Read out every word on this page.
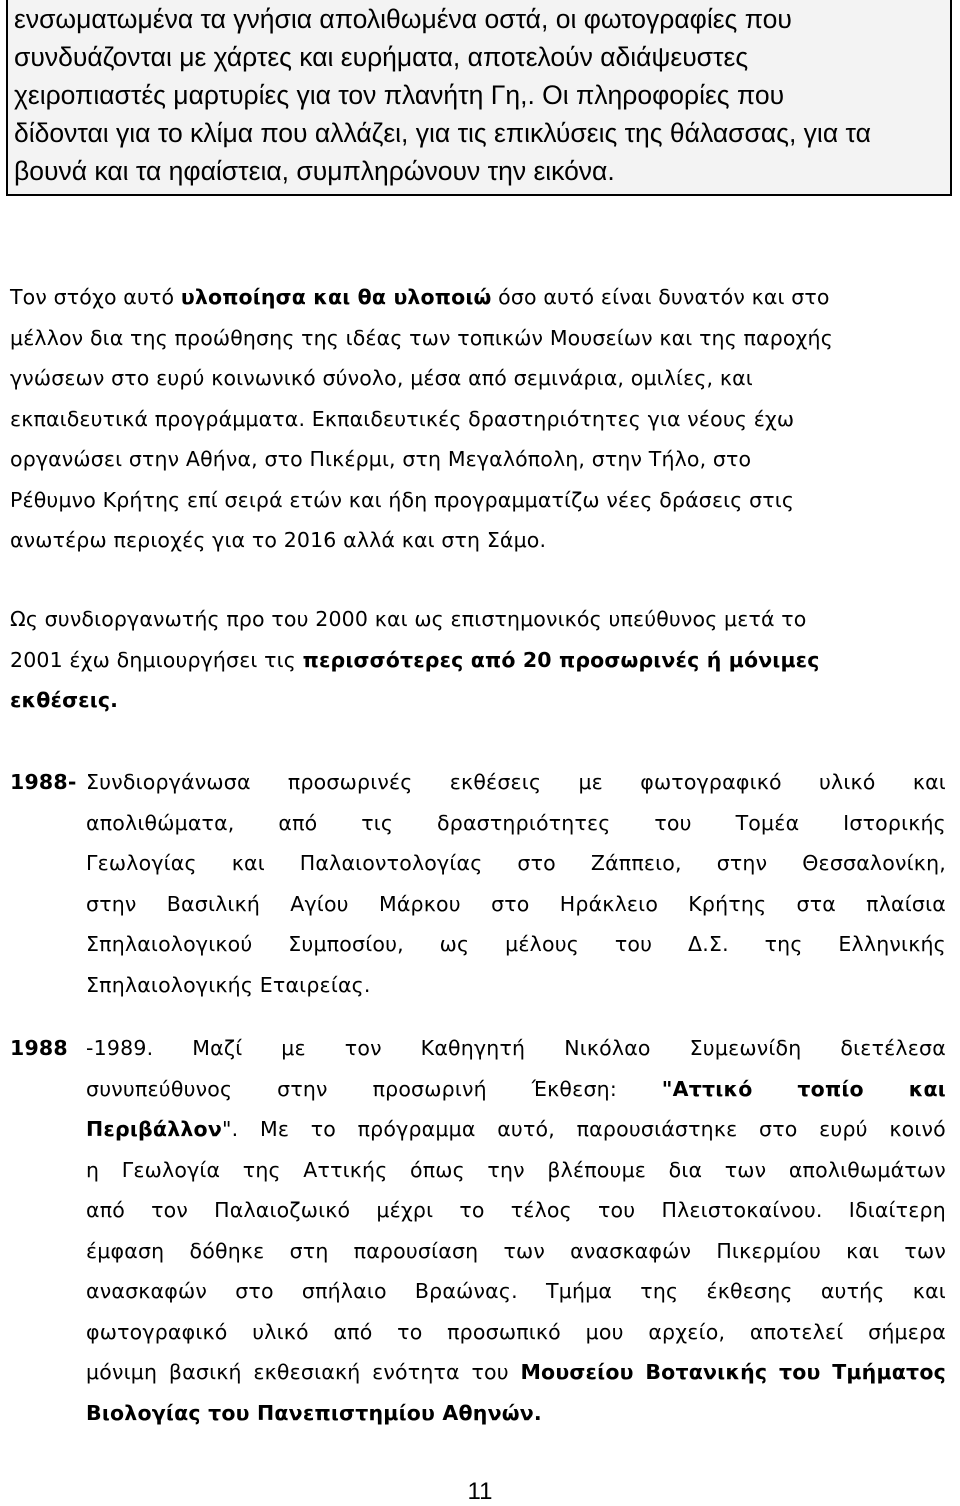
ενσωματωμένα τα γνήσια απολιθωμένα οστά, οι φωτογραφίες που
συνδυάζονται με χάρτες και ευρήματα, αποτελούν αδιάψευστες
χειροπιαστές μαρτυρίες για τον πλανήτη Γη,. Οι πληροφορίες που
δίδονται για το κλίμα που αλλάζει, για τις επικλύσεις της θάλασσας, για τα
βουνά και τα ηφαίστεια, συμπληρώνουν την εικόνα.
Τον στόχο αυτό υλοποίησα και θα υλοποιώ όσο αυτό είναι δυνατόν και στο
μέλλον δια της προώθησης της ιδέας των τοπικών Μουσείων και της παροχής
γνώσεων στο ευρύ κοινωνικό σύνολο, μέσα από σεμινάρια, ομιλίες, και
εκπαιδευτικά προγράμματα. Εκπαιδευτικές δραστηριότητες για νέους έχω
οργανώσει στην Αθήνα, στο Πικέρμι, στη Μεγαλόπολη, στην Τήλο, στο
Ρέθυμνο Κρήτης επί σειρά ετών και ήδη προγραμματίζω νέες δράσεις στις
ανωτέρω περιοχές για το 2016 αλλά και στη Σάμο.
Ως συνδιοργανωτής προ του 2000 και ως επιστημονικός υπεύθυνος μετά το
2001 έχω δημιουργήσει τις περισσότερες από 20 προσωρινές ή μόνιμες
εκθέσεις.
1988- Συνδιοργάνωσα προσωρινές εκθέσεις με φωτογραφικό υλικό και
απολιθώματα, από τις δραστηριότητες του Τομέα Ιστορικής
Γεωλογίας και Παλαιοντολογίας στο Ζάππειο, στην Θεσσαλονίκη,
στην Βασιλική Αγίου Μάρκου στο Ηράκλειο Κρήτης στα πλαίσια
Σπηλαιολογικού Συμποσίου, ως μέλους του Δ.Σ. της Ελληνικής
Σπηλαιολογικής Εταιρείας.
1988 -1989. Μαζί με τον Καθηγητή Νικόλαο Συμεωνίδη διετέλεσα
συνυπεύθυνος στην προσωρινή Έκθεση: "Αττικό τοπίο και
Περιβάλλον". Με το πρόγραμμα αυτό, παρουσιάστηκε στο ευρύ κοινό
η Γεωλογία της Αττικής όπως την βλέπουμε δια των απολιθωμάτων
από τον Παλαιοζωικό μέχρι το τέλος του Πλειστοκαίνου. Ιδιαίτερη
έμφαση δόθηκε στη παρουσίαση των ανασκαφών Πικερμίου και των
ανασκαφών στο σπήλαιο Βραώνας. Τμήμα της έκθεσης αυτής και
φωτογραφικό υλικό από το προσωπικό μου αρχείο, αποτελεί σήμερα
μόνιμη βασική εκθεσιακή ενότητα του Μουσείου Βοτανικής του Τμήματος
Βιολογίας του Πανεπιστημίου Αθηνών.
11
